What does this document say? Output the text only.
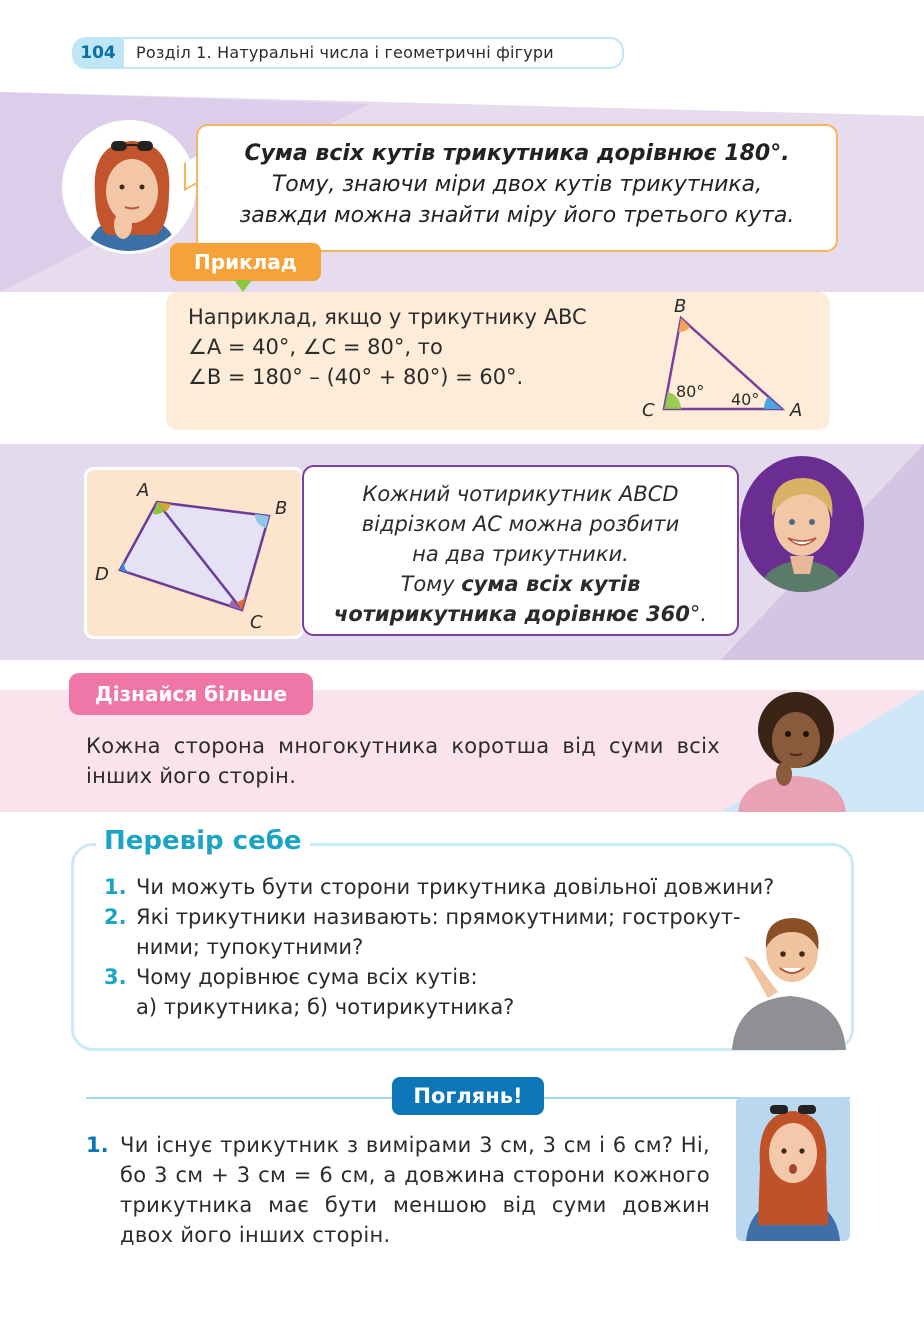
104	Розділ 1. Натуральні числа і геометричні фігури
Сума всіх кутів трикутника дорівнює 180°.
Тому, знаючи міри двох кутів трикутника,
завжди можна знайти міру його третього кута.
Приклад
Наприклад, якщо у трикутнику ABC
∠A = 40°, ∠C = 80°, то
∠B = 180° – (40° + 80°) = 60°.
B
C	A
80° 40°
A
B
C
D
Кожний чотирикутник ABCD
відрізком AC можна розбити
на два трикутники.
Тому сума всіх кутів
чотирикутника дорівнює 360°.
Дізнайся більше
Кожна сторона многокутника коротша від суми всіх інших його сторін.
Перевір себе
1. Чи можуть бути сторони трикутника довільної довжини?
2. Які трикутники називають: прямокутними; гострокут-ними; тупокутними?
3. Чому дорівнює сума всіх кутів:
а) трикутника; б) чотирикутника?
Поглянь!
1. Чи існує трикутник з вимірами 3 см, 3 см і 6 см? Ні, бо 3 см + 3 см = 6 см, а довжина сторони кожного трикутника має бути меншою від суми довжин двох його інших сторін.
